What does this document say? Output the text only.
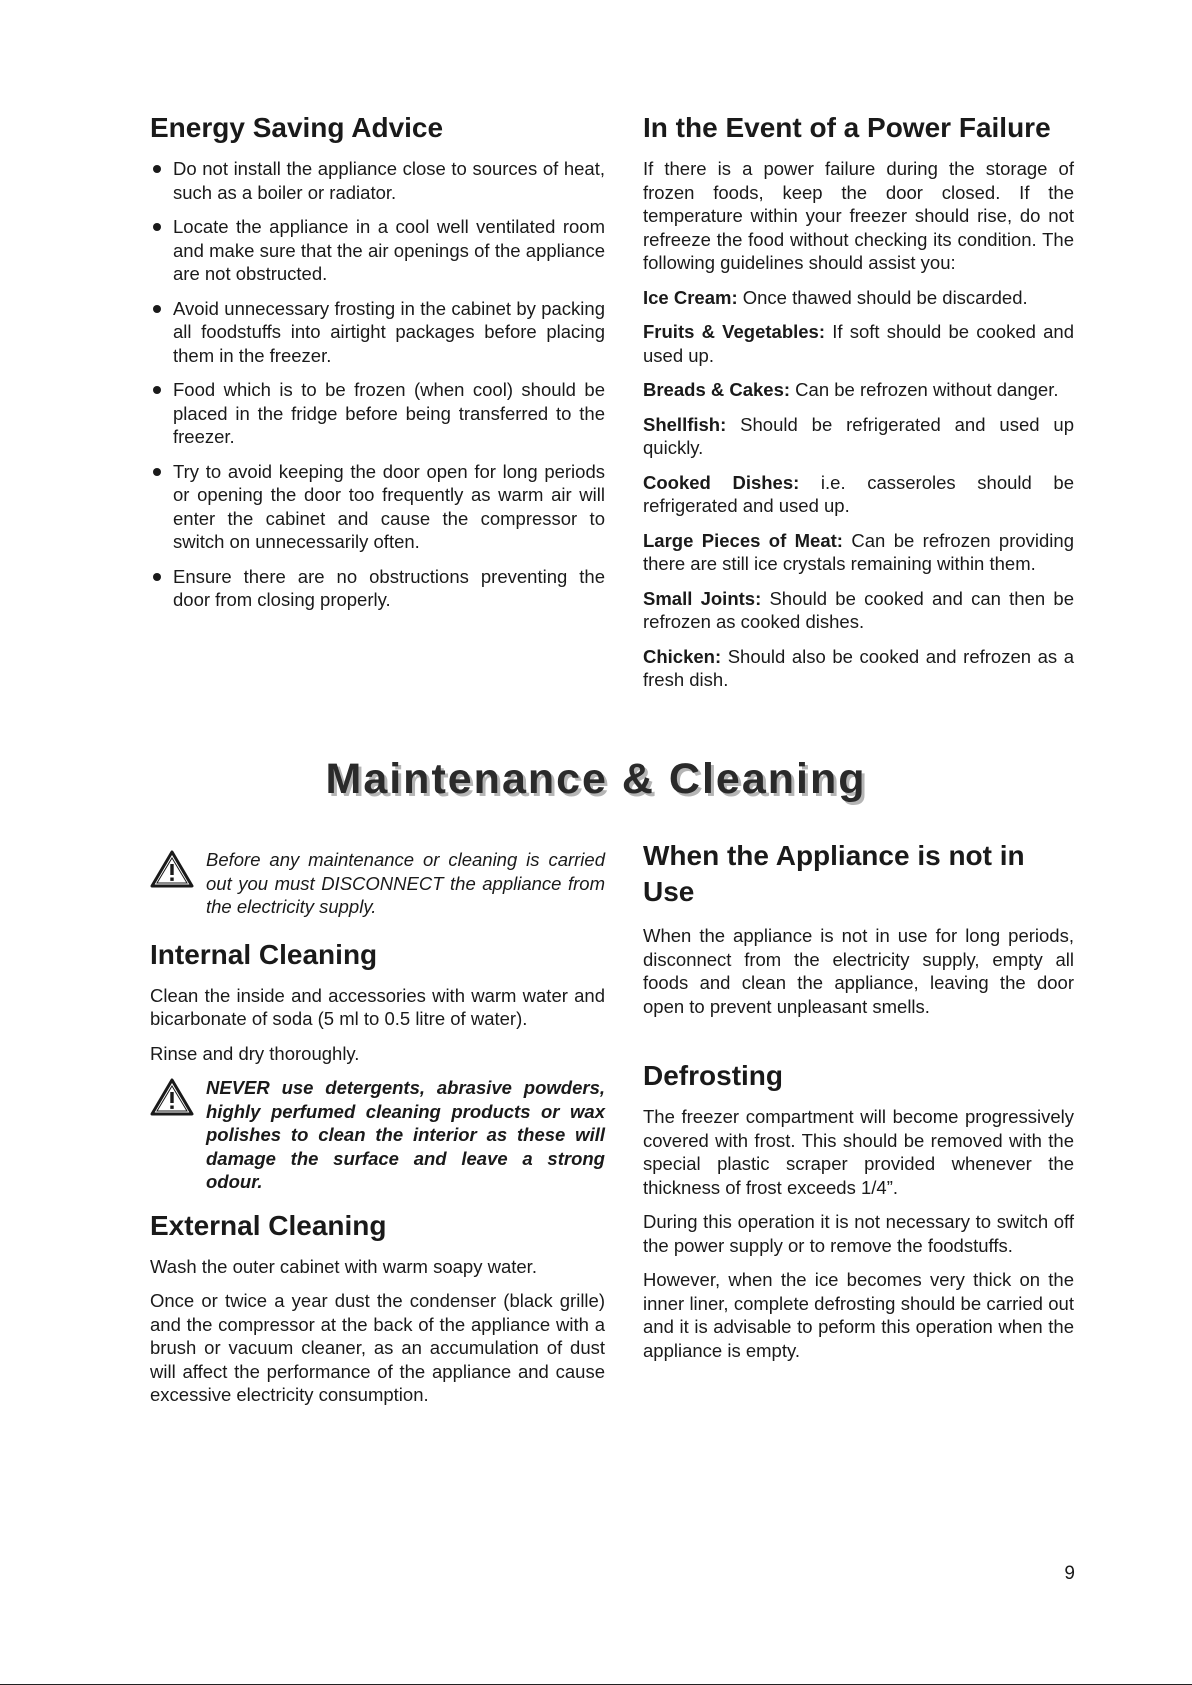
Energy Saving Advice
Do not install the appliance close to sources of heat, such as a boiler or radiator.
Locate the appliance in a cool well ventilated room and make sure that the air openings of the appliance are not obstructed.
Avoid unnecessary frosting in the cabinet by packing all foodstuffs into airtight packages before placing them in the freezer.
Food which is to be frozen (when cool) should be placed in the fridge before being transferred to the freezer.
Try to avoid keeping the door open for long periods or opening the door too frequently as warm air will enter the cabinet and cause the compressor to switch on unnecessarily often.
Ensure there are no obstructions preventing the door from closing properly.
In the Event of a Power Failure

If there is a power failure during the storage of frozen foods, keep the door closed. If the temperature within your freezer should rise, do not refreeze the food without checking its condition. The following guidelines should assist you:

Ice Cream: Once thawed should be discarded.

Fruits & Vegetables: If soft should be cooked and used up.

Breads & Cakes: Can be refrozen without danger.

Shellfish: Should be refrigerated and used up quickly.

Cooked Dishes: i.e. casseroles should be refrigerated and used up.

Large Pieces of Meat: Can be refrozen providing there are still ice crystals remaining within them.

Small Joints: Should be cooked and can then be refrozen as cooked dishes.

Chicken: Should also be cooked and refrozen as a fresh dish.

Maintenance & Cleaning

Before any maintenance or cleaning is carried out you must DISCONNECT the appliance from the electricity supply.

Internal Cleaning

Clean the inside and accessories with warm water and bicarbonate of soda (5 ml to 0.5 litre of water).

Rinse and dry thoroughly.

NEVER use detergents, abrasive powders, highly perfumed cleaning products or wax polishes to clean the interior as these will damage the surface and leave a strong odour.

External Cleaning

Wash the outer cabinet with warm soapy water.

Once or twice a year dust the condenser (black grille) and the compressor at the back of the appliance with a brush or vacuum cleaner, as an accumulation of dust will affect the performance of the appliance and cause excessive electricity consumption.

When the Appliance is not in Use

When the appliance is not in use for long periods, disconnect from the electricity supply, empty all foods and clean the appliance, leaving the door open to prevent unpleasant smells.

Defrosting

The freezer compartment will become progressively covered with frost. This should be removed with the special plastic scraper provided whenever the thickness of frost exceeds 1/4”.

During this operation it is not necessary to switch off the power supply or to remove the foodstuffs.

However, when the ice becomes very thick on the inner liner, complete defrosting should be carried out and it is advisable to peform this operation when the appliance is empty.

9
